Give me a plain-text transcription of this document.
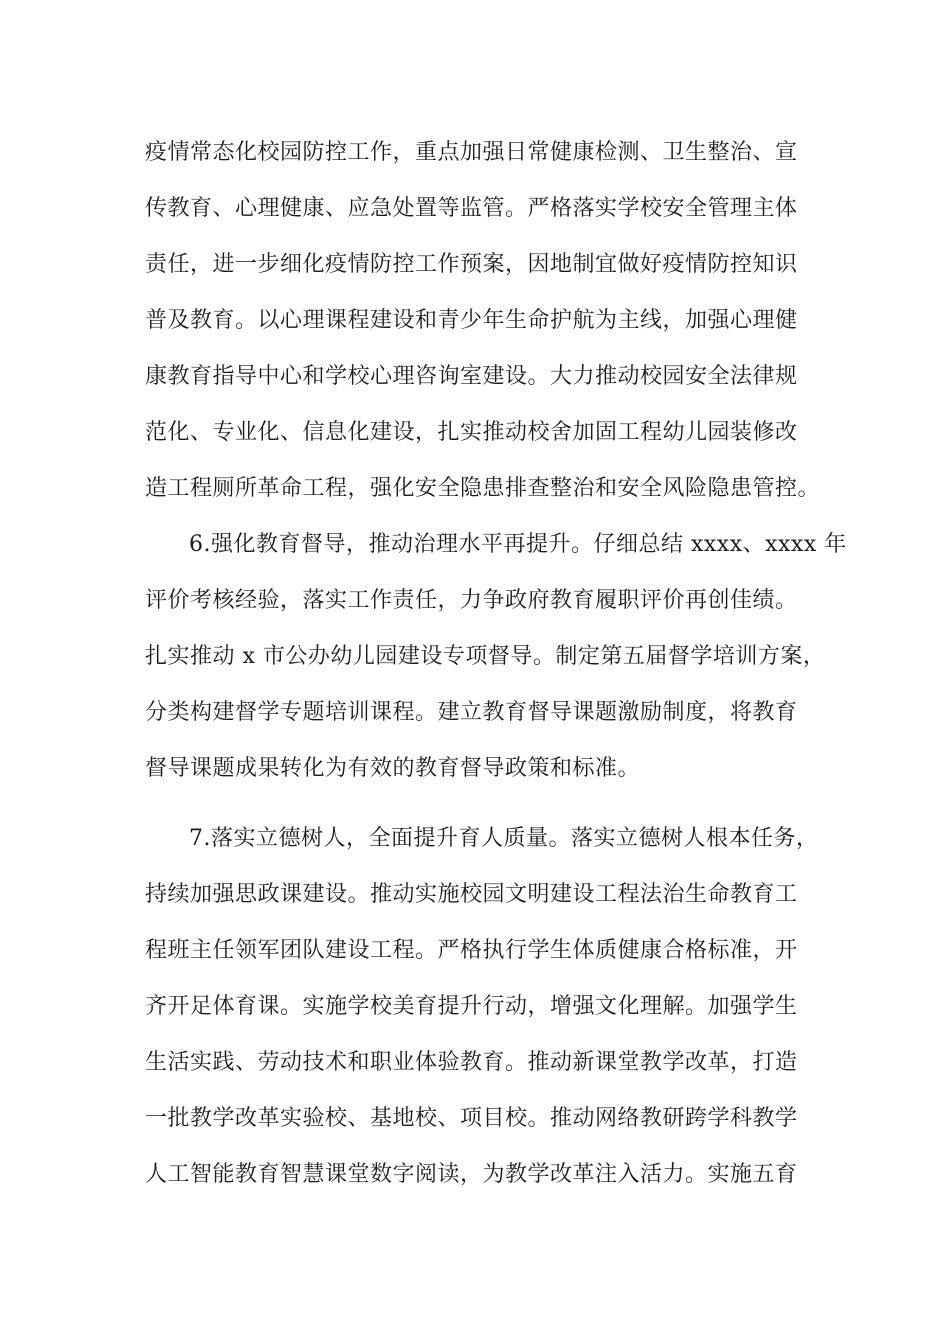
疫情常态化校园防控工作，重点加强日常健康检测、卫生整治、宣

传教育、心理健康、应急处置等监管。严格落实学校安全管理主体

责任，进一步细化疫情防控工作预案，因地制宜做好疫情防控知识

普及教育。以心理课程建设和青少年生命护航为主线，加强心理健

康教育指导中心和学校心理咨询室建设。大力推动校园安全法律规

范化、专业化、信息化建设，扎实推动校舍加固工程幼儿园装修改

造工程厕所革命工程，强化安全隐患排查整治和安全风险隐患管控。

6.强化教育督导，推动治理水平再提升。仔细总结 xxxx、xxxx 年

评价考核经验，落实工作责任，力争政府教育履职评价再创佳绩。

扎实推动 x 市公办幼儿园建设专项督导。制定第五届督学培训方案，

分类构建督学专题培训课程。建立教育督导课题激励制度，将教育

督导课题成果转化为有效的教育督导政策和标准。

7.落实立德树人，全面提升育人质量。落实立德树人根本任务，

持续加强思政课建设。推动实施校园文明建设工程法治生命教育工

程班主任领军团队建设工程。严格执行学生体质健康合格标准，开

齐开足体育课。实施学校美育提升行动，增强文化理解。加强学生

生活实践、劳动技术和职业体验教育。推动新课堂教学改革，打造

一批教学改革实验校、基地校、项目校。推动网络教研跨学科教学

人工智能教育智慧课堂数字阅读，为教学改革注入活力。实施五育
